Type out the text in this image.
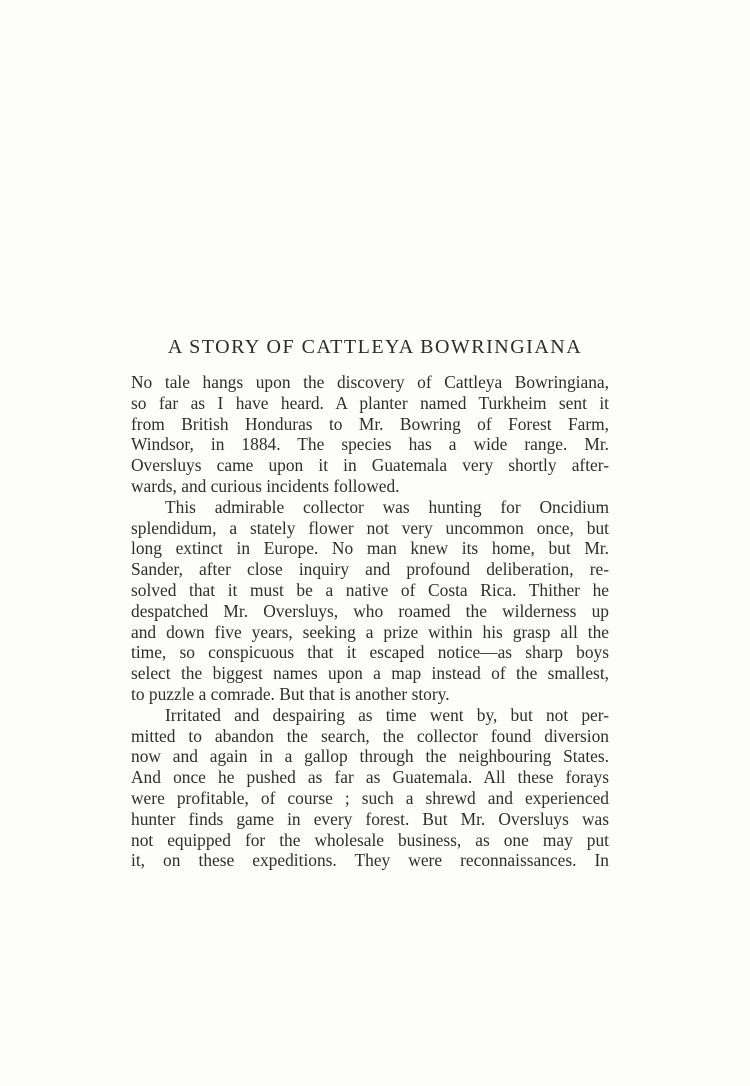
A STORY OF CATTLEYA BOWRINGIANA
No tale hangs upon the discovery of Cattleya Bowringiana,
so far as I have heard. A planter named Turkheim sent it
from British Honduras to Mr. Bowring of Forest Farm,
Windsor, in 1884. The species has a wide range. Mr.
Oversluys came upon it in Guatemala very shortly after-
wards, and curious incidents followed.
This admirable collector was hunting for Oncidium
splendidum, a stately flower not very uncommon once, but
long extinct in Europe. No man knew its home, but Mr.
Sander, after close inquiry and profound deliberation, re-
solved that it must be a native of Costa Rica. Thither he
despatched Mr. Oversluys, who roamed the wilderness up
and down five years, seeking a prize within his grasp all the
time, so conspicuous that it escaped notice—as sharp boys
select the biggest names upon a map instead of the smallest,
to puzzle a comrade. But that is another story.
Irritated and despairing as time went by, but not per-
mitted to abandon the search, the collector found diversion
now and again in a gallop through the neighbouring States.
And once he pushed as far as Guatemala. All these forays
were profitable, of course ; such a shrewd and experienced
hunter finds game in every forest. But Mr. Oversluys was
not equipped for the wholesale business, as one may put
it, on these expeditions. They were reconnaissances. In
